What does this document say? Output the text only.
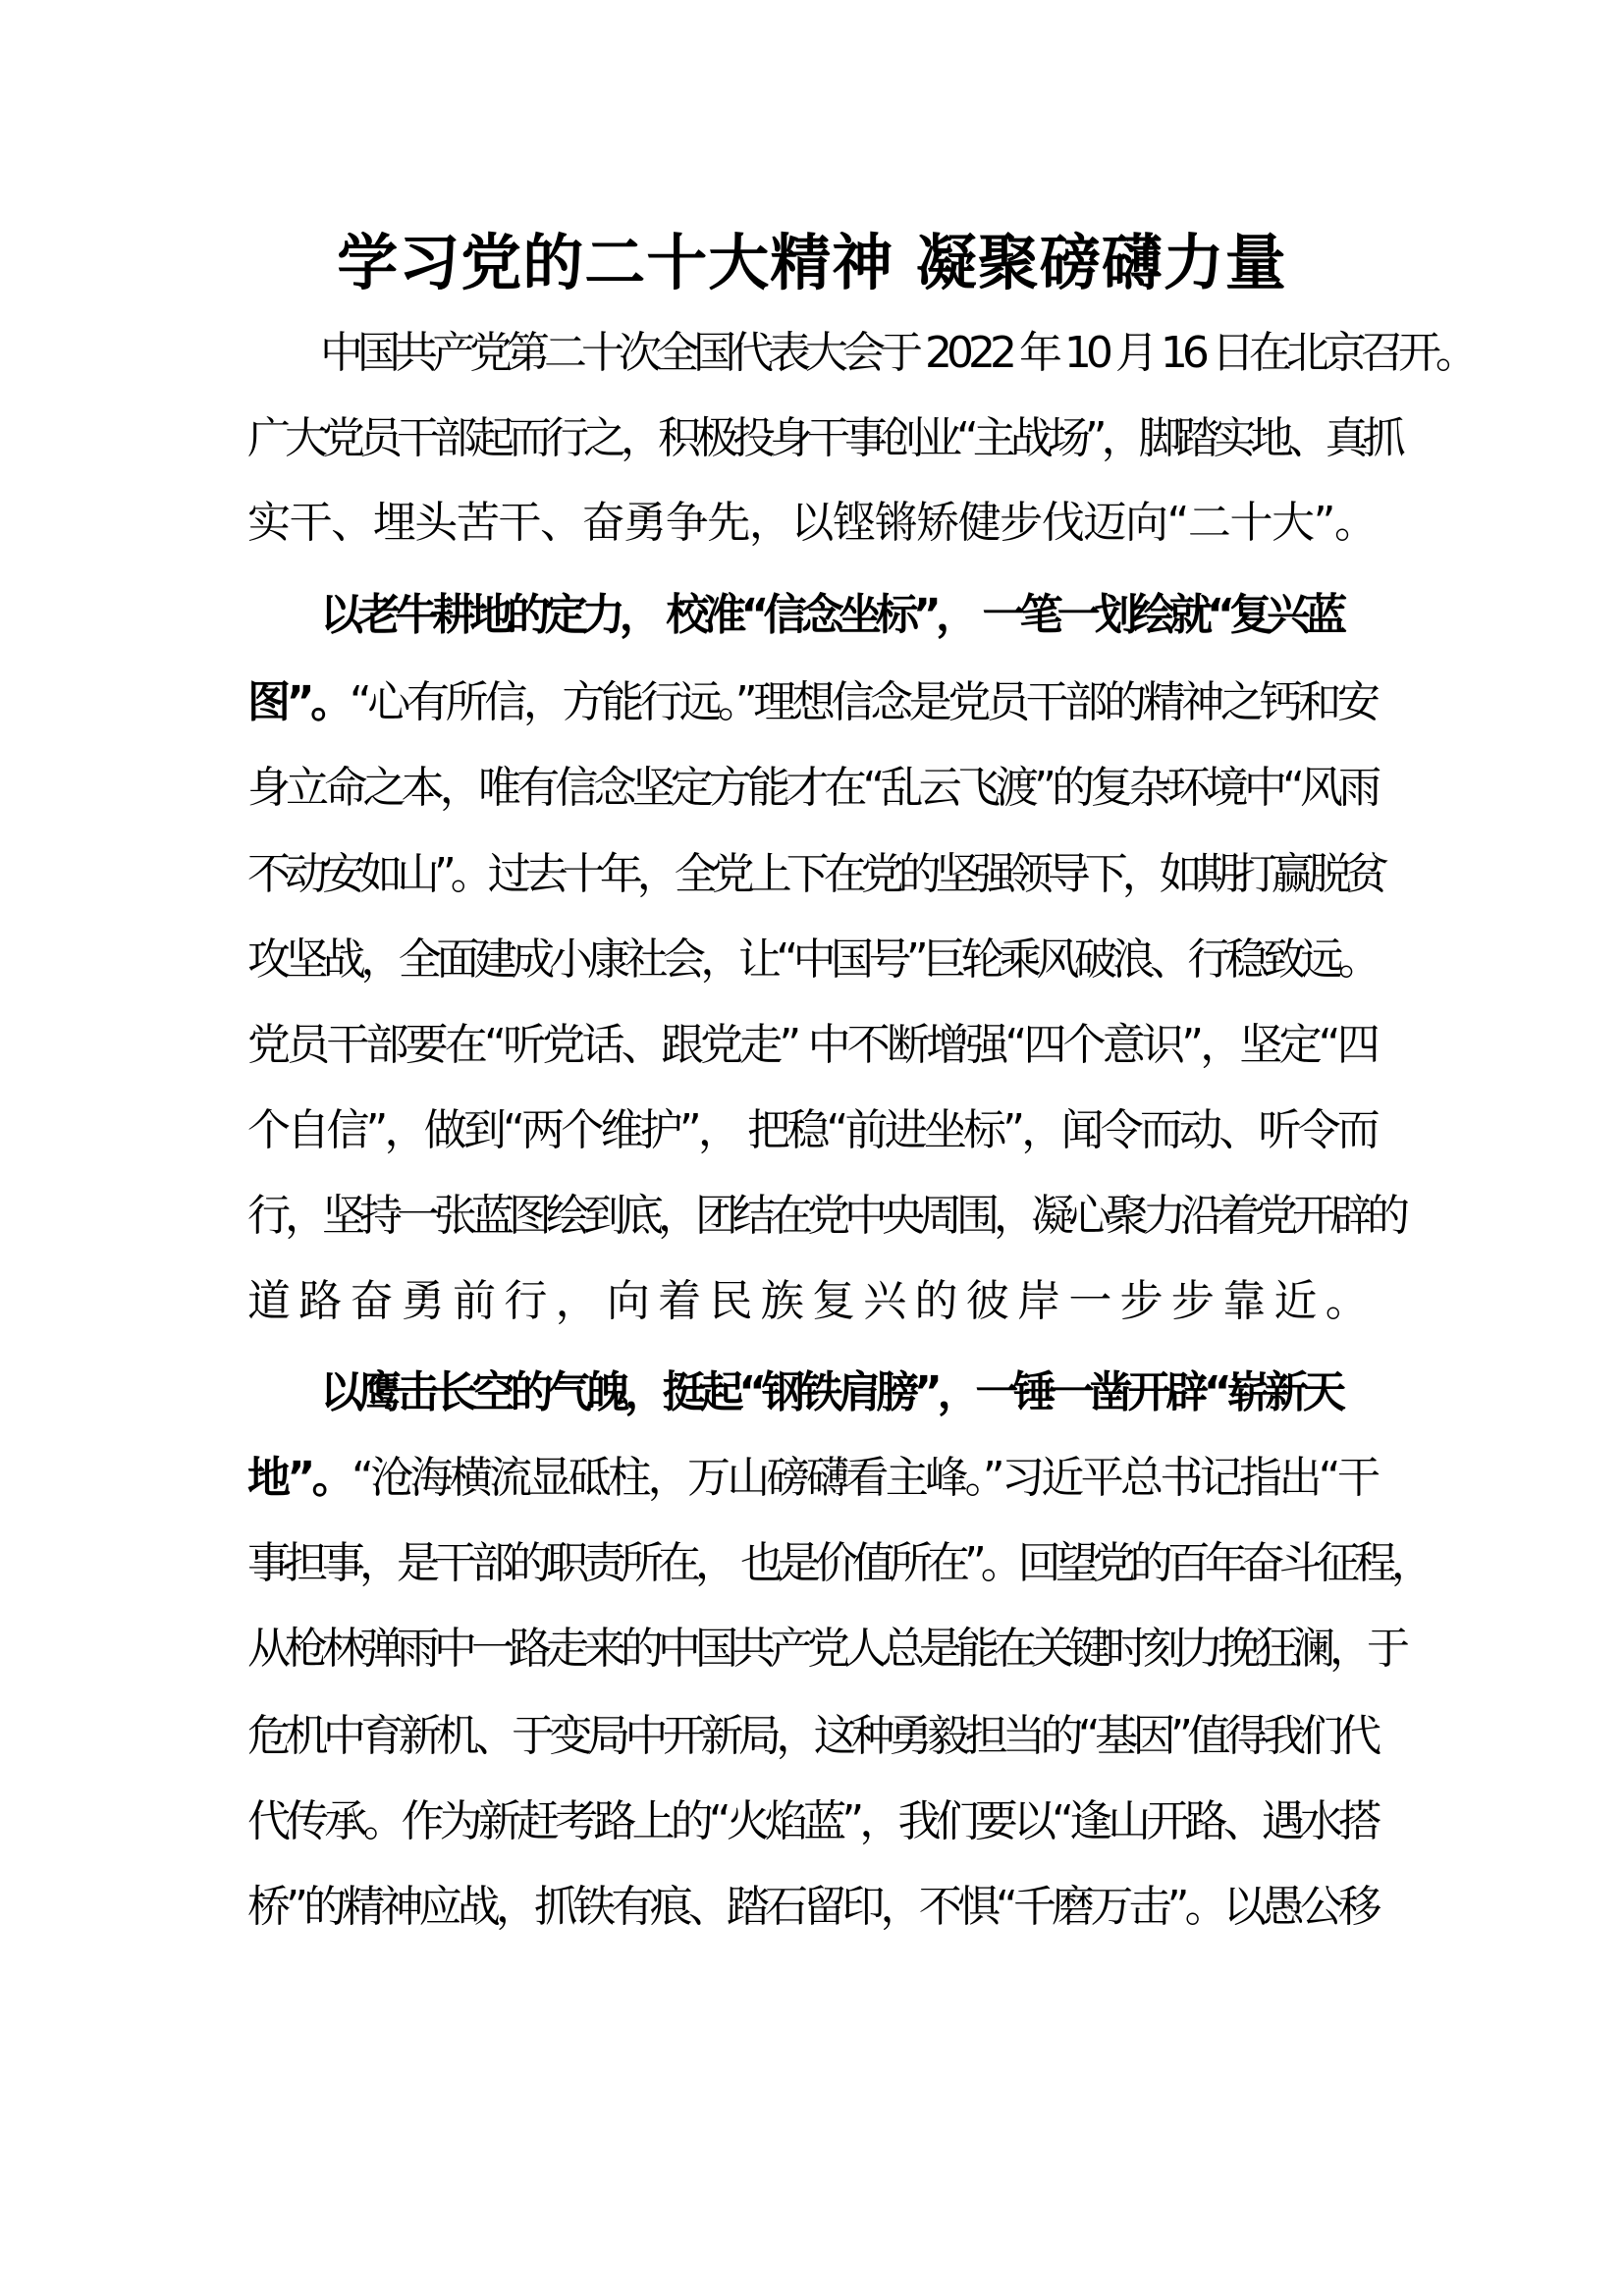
学习党的二十大精神 凝聚磅礴力量
中国共产党第二十次全国代表大会于 2022 年 10 月 16 日在北京召开。
广大党员干部起而行之，积极投身干事创业“主战场”，脚踏实地、真抓
实干、埋头苦干、奋勇争先，以铿锵矫健步伐迈向“二十大”。
以老牛耕地的定力， 校准“信念坐标”， 一笔一划绘就“复兴蓝
图”。“心有所信，方能行远。”理想信念是党员干部的精神之钙和安
身立命之本，唯有信念坚定方能才在“乱云飞渡”的复杂环境中“风雨
不动安如山”。过去十年，全党上下在党的坚强领导下，如期打赢脱贫
攻坚战，全面建成小康社会，让“中国号”巨轮乘风破浪、行稳致远。
党员干部要在“听党话、跟党走” 中不断增强“四个意识”，坚定“四
个自信”，做到“两个维护”， 把稳“前进坐标”，闻令而动、听令而
行，坚持一张蓝图绘到底，团结在党中央周围，凝心聚力沿着党开辟的
道路奋勇前行，向着民族复兴的彼岸一步步靠近。
以鹰击长空的气魄，挺起“钢铁肩膀”，一锤一凿开辟“崭新天
地”。“沧海横流显砥柱，万山磅礴看主峰。”习近平总书记指出“干
事担事，是干部的职责所在， 也是价值所在”。回望党的百年奋斗征程，
从枪林弹雨中一路走来的中国共产党人总是能在关键时刻力挽狂澜，于
危机中育新机、于变局中开新局，这种勇毅担当的“基因”值得我们代
代传承。作为新赶考路上的“火焰蓝”，我们要以“逢山开路、遇水搭
桥”的精神应战，抓铁有痕、踏石留印，不惧“千磨万击”。以愚公移
